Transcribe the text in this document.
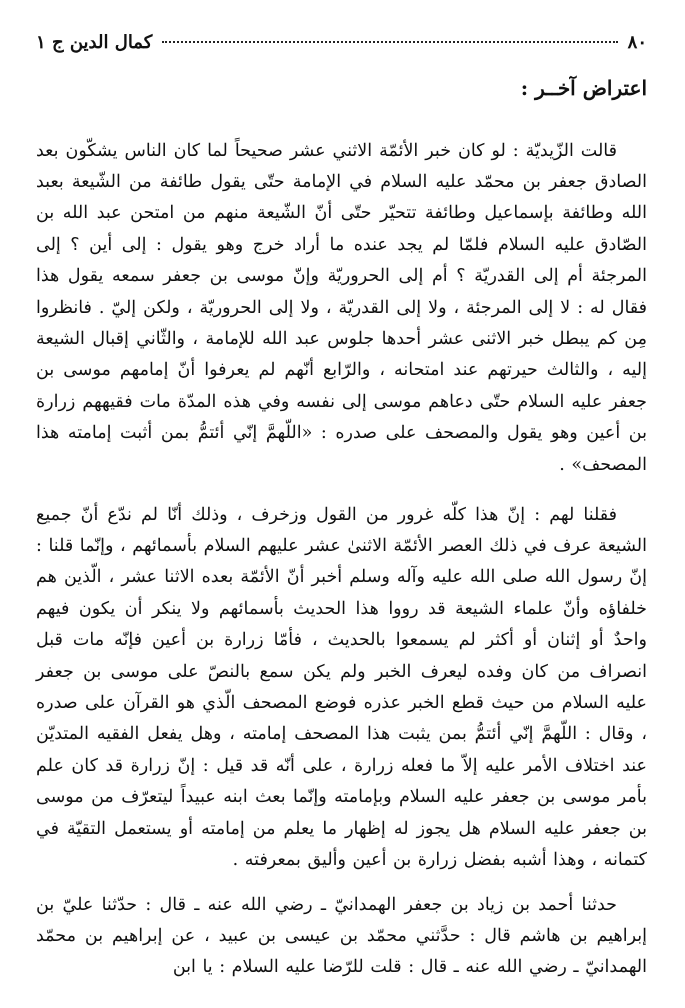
٨٠
كمال الدين ج ١
اعتراض آخــر :

قالت الزّيديّة : لو كان خبر الأئمّة الاثني عشر صحيحاً لما كان الناس يشكّون بعد الصادق جعفر بن محمّد عليه السلام في الإمامة حتّى يقول طائفة من الشّيعة بعبد الله وطائفة بإسماعيل وطائفة تتحيّر حتّى أنّ الشّيعة منهم من امتحن عبد الله بن الصّادق عليه السلام فلمّا لم يجد عنده ما أراد خرج وهو يقول : إلى أين ؟ إلى المرجئة أم إلى القدريّة ؟ أم إلى الحروريّة وإنّ موسى بن جعفر سمعه يقول هذا فقال له : لا إلى المرجئة ، ولا إلى القدريّة ، ولا إلى الحروريّة ، ولكن إليّ . فانظروا مِن كم يبطل خبر الاثنى عشر أحدها جلوس عبد الله للإمامة ، والثّاني إقبال الشيعة إليه ، والثالث حيرتهم عند امتحانه ، والرّابع أنّهم لم يعرفوا أنّ إمامهم موسى بن جعفر عليه السلام حتّى دعاهم موسى إلى نفسه وفي هذه المدّة مات فقيههم زرارة بن أعين وهو يقول والمصحف على صدره : «اللّهمَّ إنّي أئتمُّ بمن أثبت إمامته هذا المصحف» .

فقلنا لهم : إنّ هذا كلّه غرور من القول وزخرف ، وذلك أنّا لم ندّع أنّ جميع الشيعة عرف في ذلك العصر الأئمّة الاثنىٰ عشر عليهم السلام بأسمائهم ، وإنّما قلنا : إنّ رسول الله صلى الله عليه وآله وسلم أخبر أنّ الأئمّة بعده الاثنا عشر ، الّذين هم خلفاؤه وأنّ علماء الشيعة قد رووا هذا الحديث بأسمائهم ولا ينكر أن يكون فيهم واحدٌ أو إثنان أو أكثر لم يسمعوا بالحديث ، فأمّا زرارة بن أعين فإنّه مات قبل انصراف من كان وفده ليعرف الخبر ولم يكن سمع بالنصّ على موسى بن جعفر عليه السلام من حيث قطع الخبر عذره فوضع المصحف الّذي هو القرآن على صدره ، وقال : اللّهمَّ إنّي أئتمُّ بمن يثبت هذا المصحف إمامته ، وهل يفعل الفقيه المتديّن عند اختلاف الأمر عليه إلاّ ما فعله زرارة ، على أنّه قد قيل : إنّ زرارة قد كان علم بأمر موسى بن جعفر عليه السلام وبإمامته وإنّما بعث ابنه عبيداً ليتعرّف من موسى بن جعفر عليه السلام هل يجوز له إظهار ما يعلم من إمامته أو يستعمل التقيّة في كتمانه ، وهذا أشبه بفضل زرارة بن أعين وأليق بمعرفته .

حدثنا أحمد بن زياد بن جعفر الهمدانيّ ـ رضي الله عنه ـ قال : حدّثنا عليّ بن إبراهيم بن هاشم قال : حدَّثني محمّد بن عيسى بن عبيد ، عن إبراهيم بن محمّد الهمدانيّ ـ رضي الله عنه ـ قال : قلت للرّضا عليه السلام : يا ابن
